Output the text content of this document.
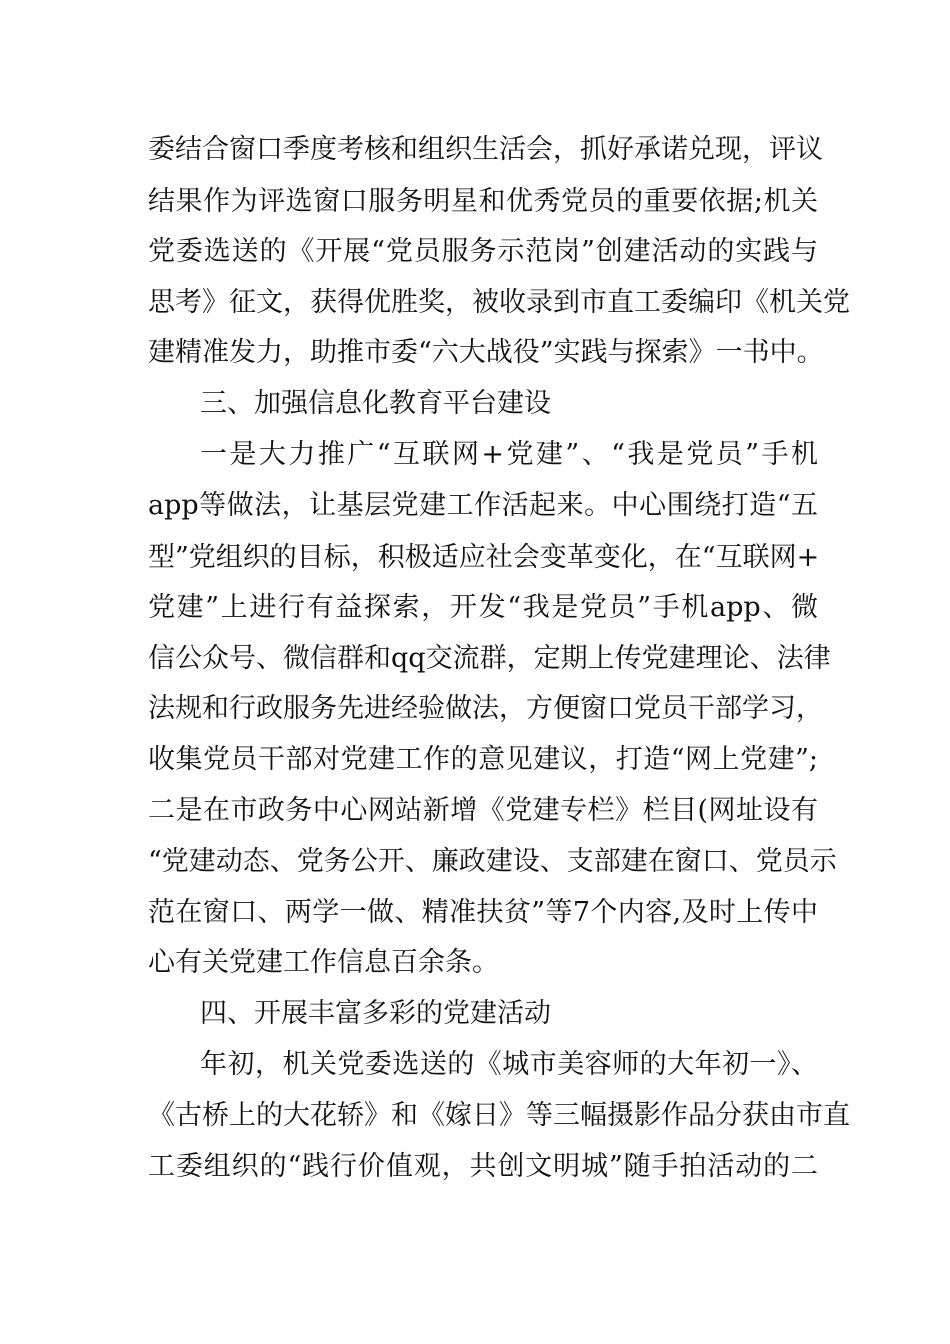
委结合窗口季度考核和组织生活会，抓好承诺兑现，评议
结果作为评选窗口服务明星和优秀党员的重要依据;机关
党委选送的《开展“党员服务示范岗”创建活动的实践与
思考》征文，获得优胜奖，被收录到市直工委编印《机关党
建精准发力，助推市委“六大战役”实践与探索》一书中。
三、加强信息化教育平台建设
一是大力推广“互联网+党建”、“我是党员”手机
app等做法，让基层党建工作活起来。中心围绕打造“五
型”党组织的目标，积极适应社会变革变化，在“互联网+
党建”上进行有益探索，开发“我是党员”手机app、微
信公众号、微信群和qq交流群，定期上传党建理论、法律
法规和行政服务先进经验做法，方便窗口党员干部学习，
收集党员干部对党建工作的意见建议，打造“网上党建”;
二是在市政务中心网站新增《党建专栏》栏目(网址设有
“党建动态、党务公开、廉政建设、支部建在窗口、党员示
范在窗口、两学一做、精准扶贫”等7个内容,及时上传中
心有关党建工作信息百余条。
四、开展丰富多彩的党建活动
年初，机关党委选送的《城市美容师的大年初一》、
《古桥上的大花轿》和《嫁日》等三幅摄影作品分获由市直
工委组织的“践行价值观，共创文明城”随手拍活动的二
